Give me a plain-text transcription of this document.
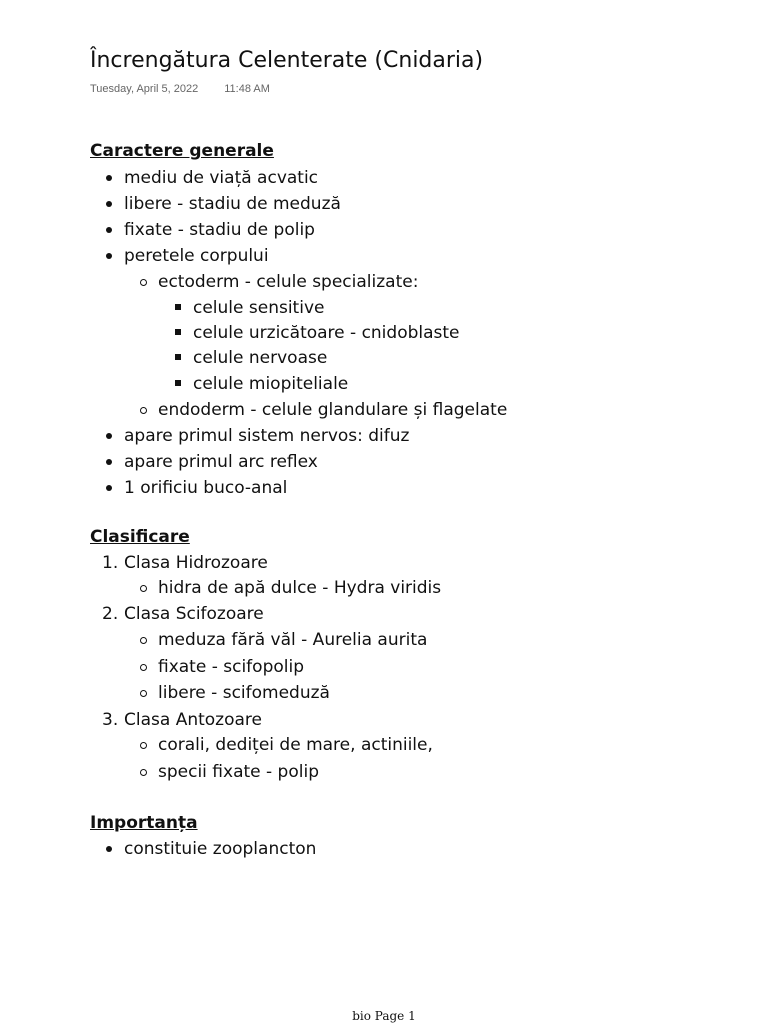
Încrengătura Celenterate (Cnidaria)
Tuesday, April 5, 2022 11:48 AM
Caractere generale
mediu de viață acvatic
libere - stadiu de meduză
fixate - stadiu de polip
peretele corpului
ectoderm - celule specializate:
celule sensitive
celule urzicătoare - cnidoblaste
celule nervoase
celule miopiteliale
endoderm - celule glandulare și flagelate
apare primul sistem nervos: difuz
apare primul arc reflex
1 orificiu buco-anal
Clasificare
1. Clasa Hidrozoare
hidra de apă dulce - Hydra viridis
2. Clasa Scifozoare
meduza fără văl - Aurelia aurita
fixate - scifopolip
libere - scifomeduză
3. Clasa Antozoare
corali, dediței de mare, actiniile,
specii fixate - polip
Importanța
constituie zooplancton
bio Page 1
